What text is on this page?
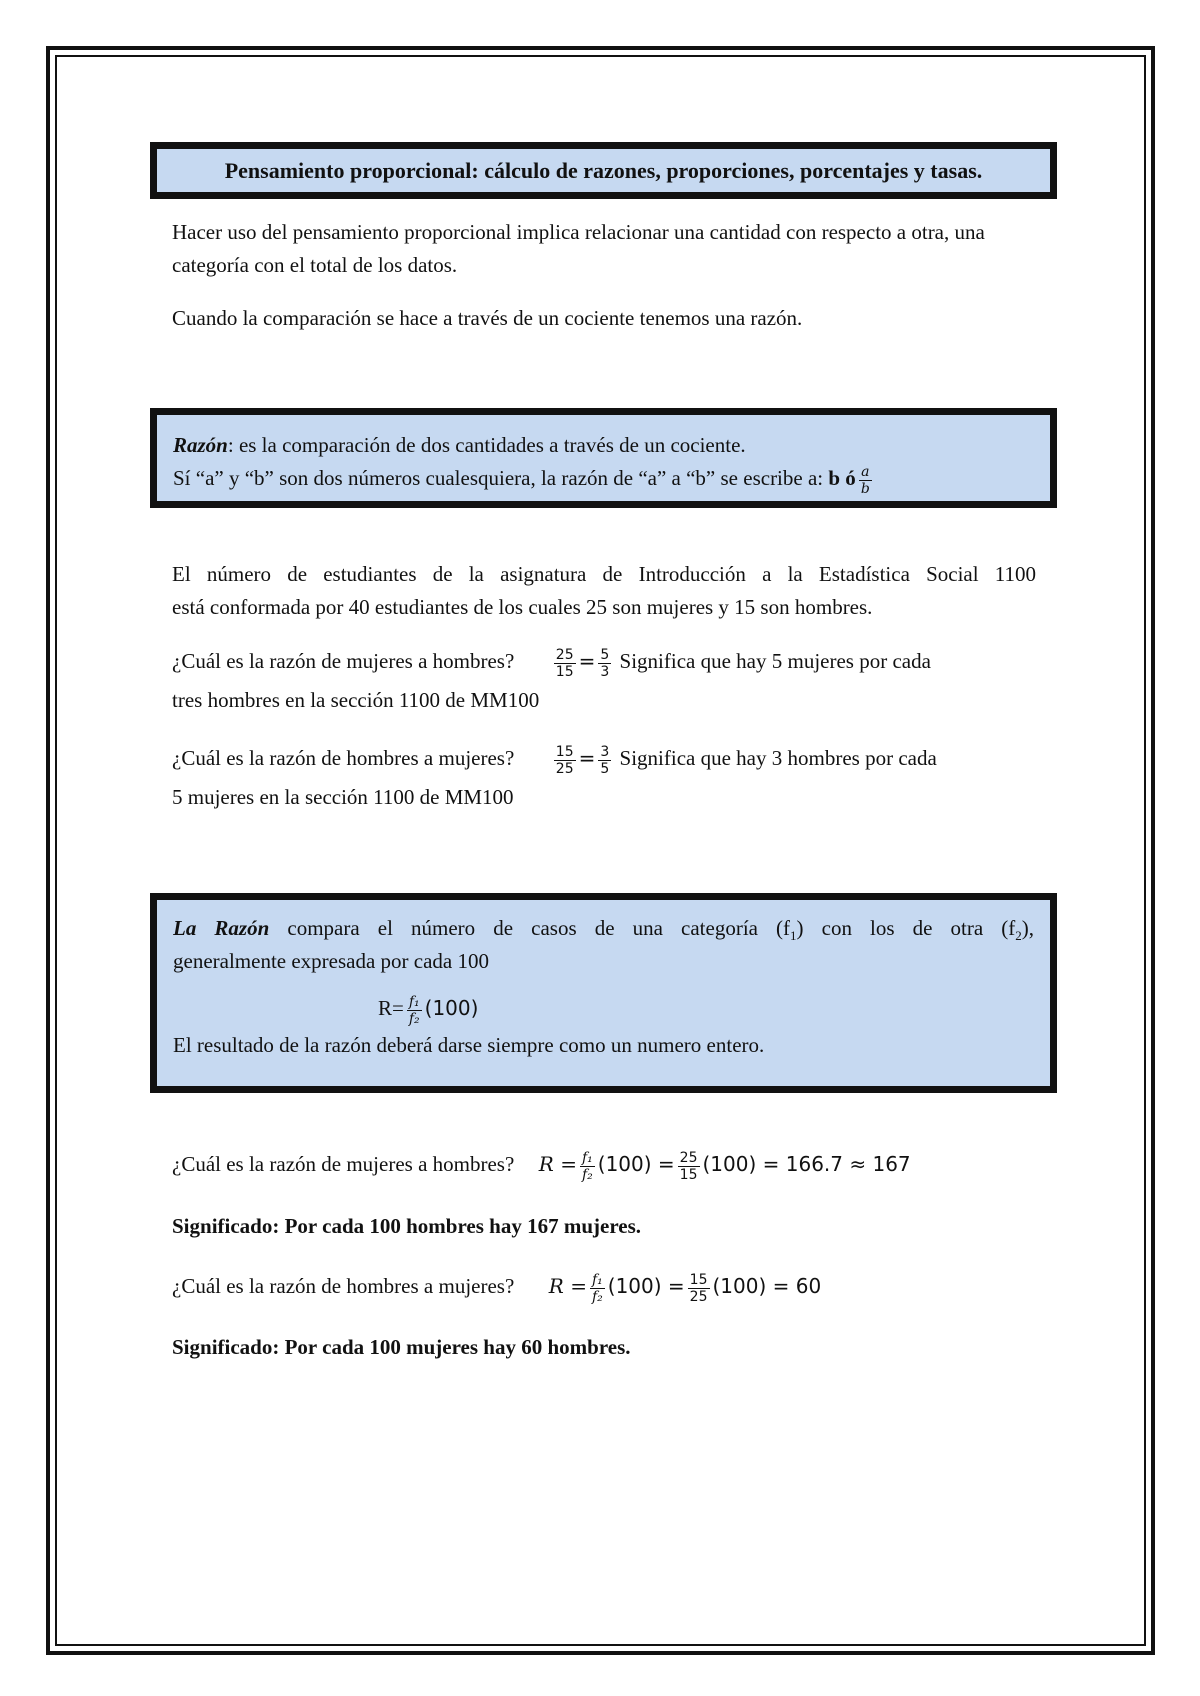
Pensamiento proporcional: cálculo de razones, proporciones, porcentajes y tasas.
Hacer uso del pensamiento proporcional implica relacionar una cantidad con respecto a otra, una categoría con el total de los datos.
Cuando la comparación se hace a través de un cociente tenemos una razón.
Razón: es la comparación de dos cantidades a través de un cociente.
Sí “a” y “b” son dos números cualesquiera, la razón de “a” a “b” se escribe a: b ó $\frac{a}{b}$
El número de estudiantes de la asignatura de Introducción a la Estadística Social 1100
está conformada por 40 estudiantes de los cuales 25 son mujeres y 15 son hombres.
¿Cuál es la razón de mujeres a hombres?	$\frac{25}{15} = \frac{5}{3}$ Significa que hay 5 mujeres por cada
tres hombres en la sección 1100 de MM100
¿Cuál es la razón de hombres a mujeres?	$\frac{15}{25} = \frac{3}{5}$ Significa que hay 3 hombres por cada
5 mujeres en la sección 1100 de MM100
La Razón compara el número de casos de una categoría $(f_1)$ con los de otra $(f_2)$,
generalmente expresada por cada 100
$R= \frac{\text{f₁}}{\text{f₂}} (100)$
El resultado de la razón deberá darse siempre como un numero entero.
¿Cuál es la razón de mujeres a hombres? $R = \frac{\text{f₁}}{\text{f₂}} (100) = \frac{25}{15} (100) = 166.7 \approx 167$
Significado: Por cada 100 hombres hay 167 mujeres.
¿Cuál es la razón de hombres a mujeres? $R = \frac{\text{f₁}}{\text{f₂}} (100) = \frac{15}{25} (100) = 60$
Significado: Por cada 100 mujeres hay 60 hombres.
